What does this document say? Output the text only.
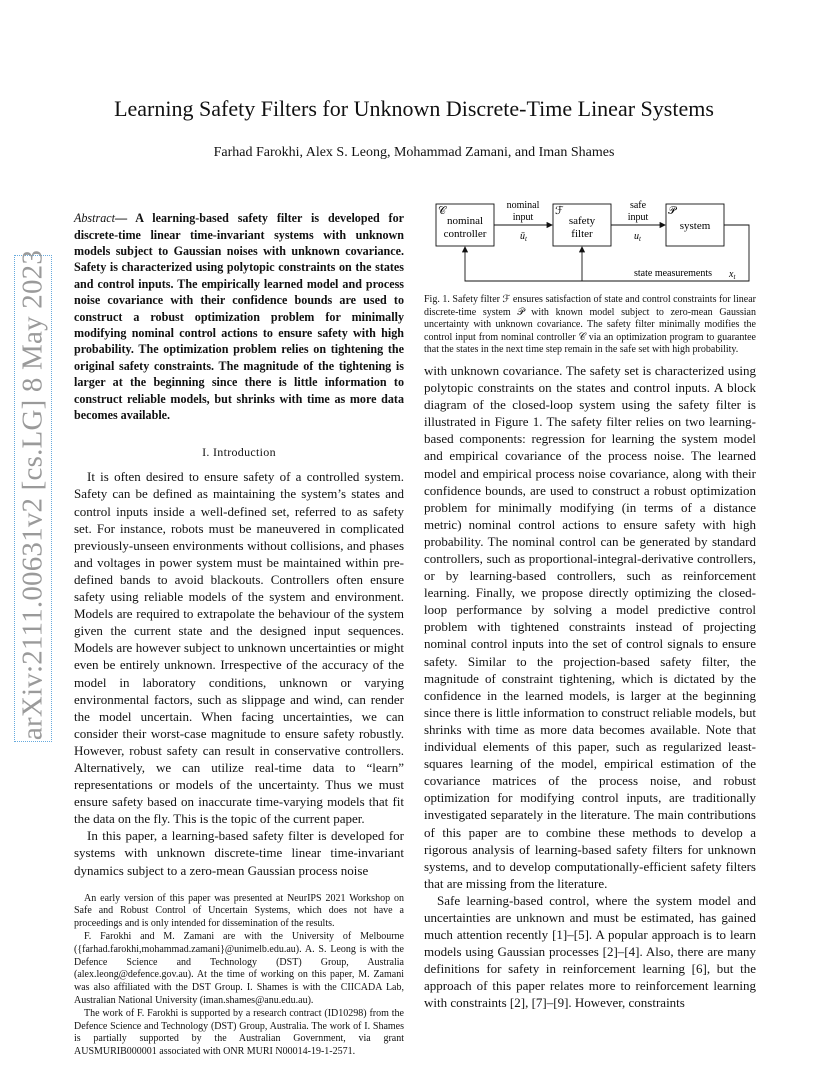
arXiv:2111.00631v2 [cs.LG] 8 May 2023
Learning Safety Filters for Unknown Discrete-Time Linear Systems
Farhad Farokhi, Alex S. Leong, Mohammad Zamani, and Iman Shames

Abstract— A learning-based safety filter is developed for discrete-time linear time-invariant systems with unknown models subject to Gaussian noises with unknown covariance. Safety is characterized using polytopic constraints on the states and control inputs. The empirically learned model and process noise covariance with their confidence bounds are used to construct a robust optimization problem for minimally modifying nominal control actions to ensure safety with high probability. The optimization problem relies on tightening the original safety constraints. The magnitude of the tightening is larger at the beginning since there is little information to construct reliable models, but shrinks with time as more data becomes available.

I. Introduction

It is often desired to ensure safety of a controlled system. Safety can be defined as maintaining the system’s states and control inputs inside a well-defined set, referred to as safety set. For instance, robots must be maneuvered in complicated previously-unseen environments without collisions, and phases and voltages in power system must be maintained within pre-defined bands to avoid blackouts. Controllers often ensure safety using reliable models of the system and environment. Models are required to extrapolate the behaviour of the system given the current state and the designed input sequences. Models are however subject to unknown uncertainties or might even be entirely unknown. Irrespective of the accuracy of the model in laboratory conditions, unknown or varying environmental factors, such as slippage and wind, can render the model uncertain. When facing uncertainties, we can consider their worst-case magnitude to ensure safety robustly. However, robust safety can result in conservative controllers. Alternatively, we can utilize real-time data to “learn” representations or models of the uncertainty. Thus we must ensure safety based on inaccurate time-varying models that fit the data on the fly. This is the topic of the current paper.

In this paper, a learning-based safety filter is developed for systems with unknown discrete-time linear time-invariant dynamics subject to a zero-mean Gaussian process noise

An early version of this paper was presented at NeurIPS 2021 Workshop on Safe and Robust Control of Uncertain Systems, which does not have a proceedings and is only intended for dissemination of the results.

F. Farokhi and M. Zamani are with the University of Melbourne ({farhad.farokhi,mohammad.zamani}@unimelb.edu.au). A. S. Leong is with the Defence Science and Technology (DST) Group, Australia (alex.leong@defence.gov.au). At the time of working on this paper, M. Zamani was also affiliated with the DST Group. I. Shames is with the CIICADA Lab, Australian National University (iman.shames@anu.edu.au).

The work of F. Farokhi is supported by a research contract (ID10298) from the Defence Science and Technology (DST) Group, Australia. The work of I. Shames is partially supported by the Australian Government, via grant AUSMURIB000001 associated with ONR MURI N00014-19-1-2571.

𝒞
nominal
controller
ℱ
safety
filter
𝒫
system
nominal
input
$ū_t$
safe
input
$u_t$
state measurements $x_t$

Fig. 1. Safety filter ℱ ensures satisfaction of state and control constraints for linear discrete-time system 𝒫 with known model subject to zero-mean Gaussian uncertainty with unknown covariance. The safety filter minimally modifies the control input from nominal controller 𝒞 via an optimization program to guarantee that the states in the next time step remain in the safe set with high probability.

with unknown covariance. The safety set is characterized using polytopic constraints on the states and control inputs. A block diagram of the closed-loop system using the safety filter is illustrated in Figure 1. The safety filter relies on two learning-based components: regression for learning the system model and empirical covariance of the process noise. The learned model and empirical process noise covariance, along with their confidence bounds, are used to construct a robust optimization problem for minimally modifying (in terms of a distance metric) nominal control actions to ensure safety with high probability. The nominal control can be generated by standard controllers, such as proportional-integral-derivative controllers, or by learning-based controllers, such as reinforcement learning. Finally, we propose directly optimizing the closed-loop performance by solving a model predictive control problem with tightened constraints instead of projecting nominal control inputs into the set of control signals to ensure safety. Similar to the projection-based safety filter, the magnitude of constraint tightening, which is dictated by the confidence in the learned models, is larger at the beginning since there is little information to construct reliable models, but shrinks with time as more data becomes available. Note that individual elements of this paper, such as regularized least-squares learning of the model, empirical estimation of the covariance matrices of the process noise, and robust optimization for modifying control inputs, are traditionally investigated separately in the literature. The main contributions of this paper are to combine these methods to develop a rigorous analysis of learning-based safety filters for unknown systems, and to develop computationally-efficient safety filters that are missing from the literature.

Safe learning-based control, where the system model and uncertainties are unknown and must be estimated, has gained much attention recently [1]–[5]. A popular approach is to learn models using Gaussian processes [2]–[4]. Also, there are many definitions for safety in reinforcement learning [6], but the approach of this paper relates more to reinforcement learning with constraints [2], [7]–[9]. However, constraints
